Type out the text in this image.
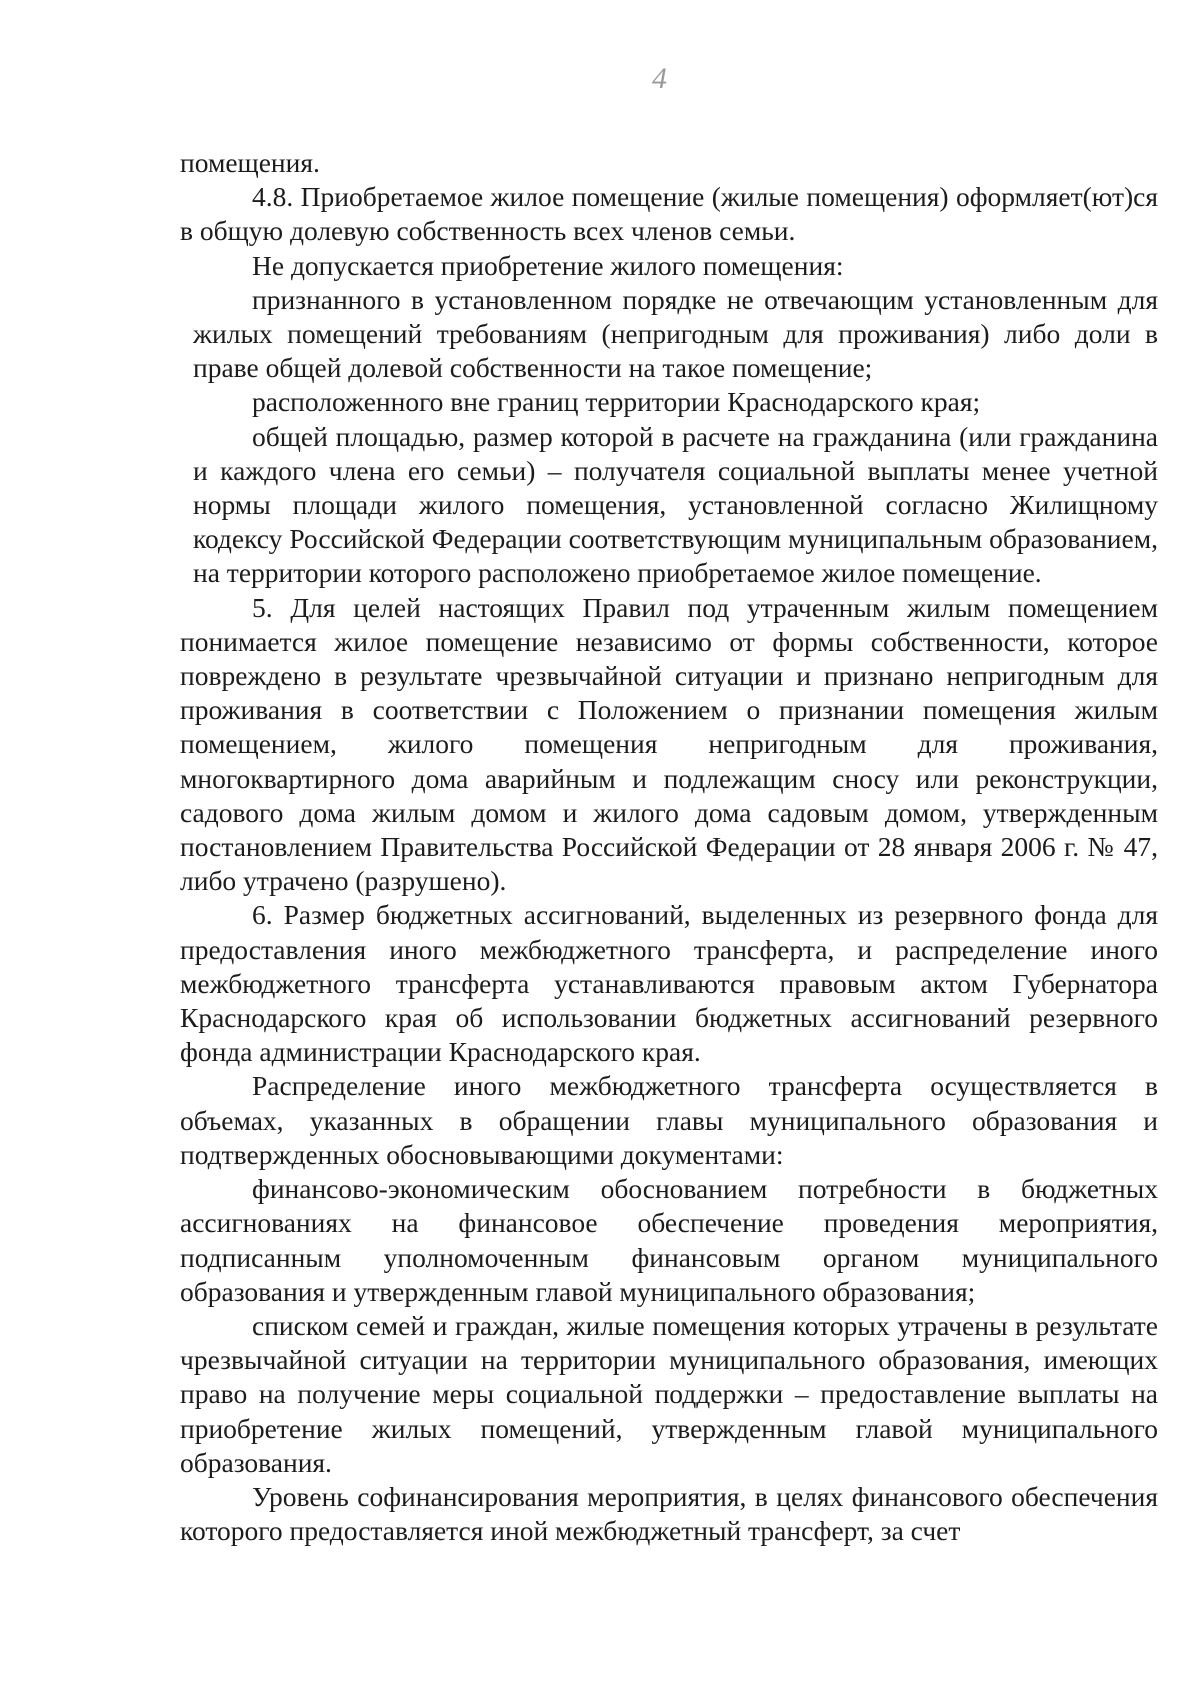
4

помещения.

4.8. Приобретаемое жилое помещение (жилые помещения) оформляет(ют)ся в общую долевую собственность всех членов семьи.

Не допускается приобретение жилого помещения:

признанного в установленном порядке не отвечающим установленным для жилых помещений требованиям (непригодным для проживания) либо доли в праве общей долевой собственности на такое помещение;

расположенного вне границ территории Краснодарского края;

общей площадью, размер которой в расчете на гражданина (или гражданина и каждого члена его семьи) – получателя социальной выплаты менее учетной нормы площади жилого помещения, установленной согласно Жилищному кодексу Российской Федерации соответствующим муниципальным образованием, на территории которого расположено приобретаемое жилое помещение.

5. Для целей настоящих Правил под утраченным жилым помещением понимается жилое помещение независимо от формы собственности, которое повреждено в результате чрезвычайной ситуации и признано непригодным для проживания в соответствии с Положением о признании помещения жилым помещением, жилого помещения непригодным для проживания, многоквартирного дома аварийным и подлежащим сносу или реконструкции, садового дома жилым домом и жилого дома садовым домом, утвержденным постановлением Правительства Российской Федерации от 28 января 2006 г. № 47, либо утрачено (разрушено).

6. Размер бюджетных ассигнований, выделенных из резервного фонда для предоставления иного межбюджетного трансферта, и распределение иного межбюджетного трансферта устанавливаются правовым актом Губернатора Краснодарского края об использовании бюджетных ассигнований резервного фонда администрации Краснодарского края.

Распределение иного межбюджетного трансферта осуществляется в объемах, указанных в обращении главы муниципального образования и подтвержденных обосновывающими документами:

финансово-экономическим обоснованием потребности в бюджетных ассигнованиях на финансовое обеспечение проведения мероприятия, подписанным уполномоченным финансовым органом муниципального образования и утвержденным главой муниципального образования;

списком семей и граждан, жилые помещения которых утрачены в результате чрезвычайной ситуации на территории муниципального образования, имеющих право на получение меры социальной поддержки – предоставление выплаты на приобретение жилых помещений, утвержденным главой муниципального образования.

Уровень софинансирования мероприятия, в целях финансового обеспечения которого предоставляется иной межбюджетный трансферт, за счет
